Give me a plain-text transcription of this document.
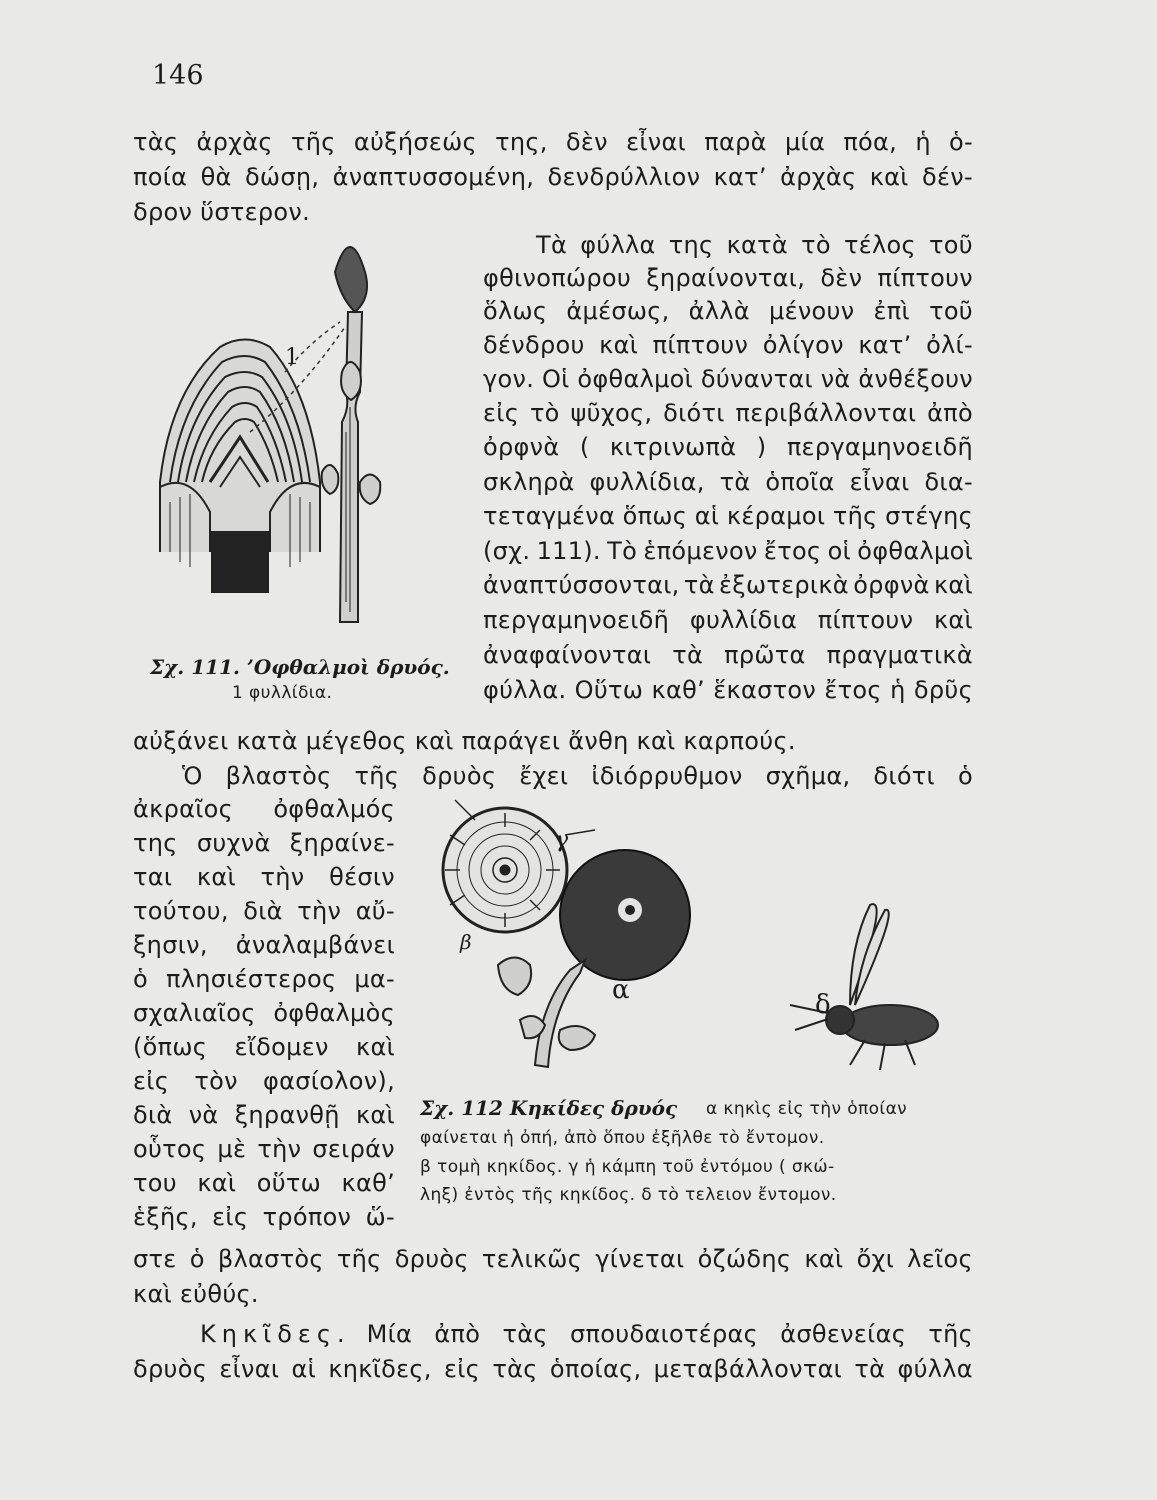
146
τὰς ἀρχὰς τῆς αὐξήσεώς της, δὲν εἶναι παρὰ μία πόα, ἡ ὁ-
ποία θὰ δώσῃ, ἀναπτυσσομένη, δενδρύλλιον κατ’ ἀρχὰς καὶ δέν-
δρον ὕστερον.
Τὰ φύλλα της κατὰ τὸ τέλος τοῦ
φθινοπώρου ξηραίνονται, δὲν πίπτουν
ὅλως ἀμέσως, ἀλλὰ μένουν ἐπὶ τοῦ
δένδρου καὶ πίπτουν ὀλίγον κατ’ ὀλί-
γον. Οἱ ὀφθαλμοὶ δύνανται νὰ ἀνθέξουν
εἰς τὸ ψῦχος, διότι περιβάλλονται ἀπὸ
ὀρφνὰ ( κιτρινωπὰ ) περγαμηνοειδῆ
σκληρὰ φυλλίδια, τὰ ὁποῖα εἶναι δια-
τεταγμένα ὅπως αἱ κέραμοι τῆς στέγης
(σχ. 111). Τὸ ἑπόμενον ἔτος οἱ ὀφθαλμοὶ
ἀναπτύσσονται, τὰ ἐξωτερικὰ ὀρφνὰ καὶ
περγαμηνοειδῆ φυλλίδια πίπτουν καὶ
ἀναφαίνονται τὰ πρῶτα πραγματικὰ
φύλλα. Οὕτω καθ’ ἕκαστον ἔτος ἡ δρῦς
1
Σχ. 111. ’Οφθαλμοὶ δρυός.
1 φυλλίδια.
αὐξάνει κατὰ μέγεθος καὶ παράγει ἄνθη καὶ καρπούς.
Ὁ βλαστὸς τῆς δρυὸς ἔχει ἰδιόρρυθμον σχῆμα, διότι ὁ
ἀκραῖος ὀφθαλμός
της συχνὰ ξηραίνε-
ται καὶ τὴν θέσιν
τούτου, διὰ τὴν αὔ-
ξησιν, ἀναλαμβάνει
ὁ πλησιέστερος μα-
σχαλιαῖος ὀφθαλμὸς
(ὅπως εἴδομεν καὶ
εἰς τὸν φασίολον),
διὰ νὰ ξηρανθῇ καὶ
οὗτος μὲ τὴν σειράν
του καὶ οὕτω καθ’
ἑξῆς, εἰς τρόπον ὥ-
γ
β
α	δ
Σχ. 112 Κηκίδες δρυός α κηκὶς εἰς τὴν ὁποίαν
φαίνεται ἡ ὀπή, ἀπὸ ὅπου ἐξῆλθε τὸ ἔντομον.
β τομὴ κηκίδος. γ ἡ κάμπη τοῦ ἐντόμου ( σκώ-
ληξ) ἐντὸς τῆς κηκίδος. δ τὸ τελειον ἔντομον.
στε ὁ βλαστὸς τῆς δρυὸς τελικῶς γίνεται ὀζώδης καὶ ὄχι λεῖος
καὶ εὐθύς.
Κηκῖδες. Μία ἀπὸ τὰς σπουδαιοτέρας ἀσθενείας τῆς
δρυὸς εἶναι αἱ κηκῖδες, εἰς τὰς ὁποίας, μεταβάλλονται τὰ φύλλα
